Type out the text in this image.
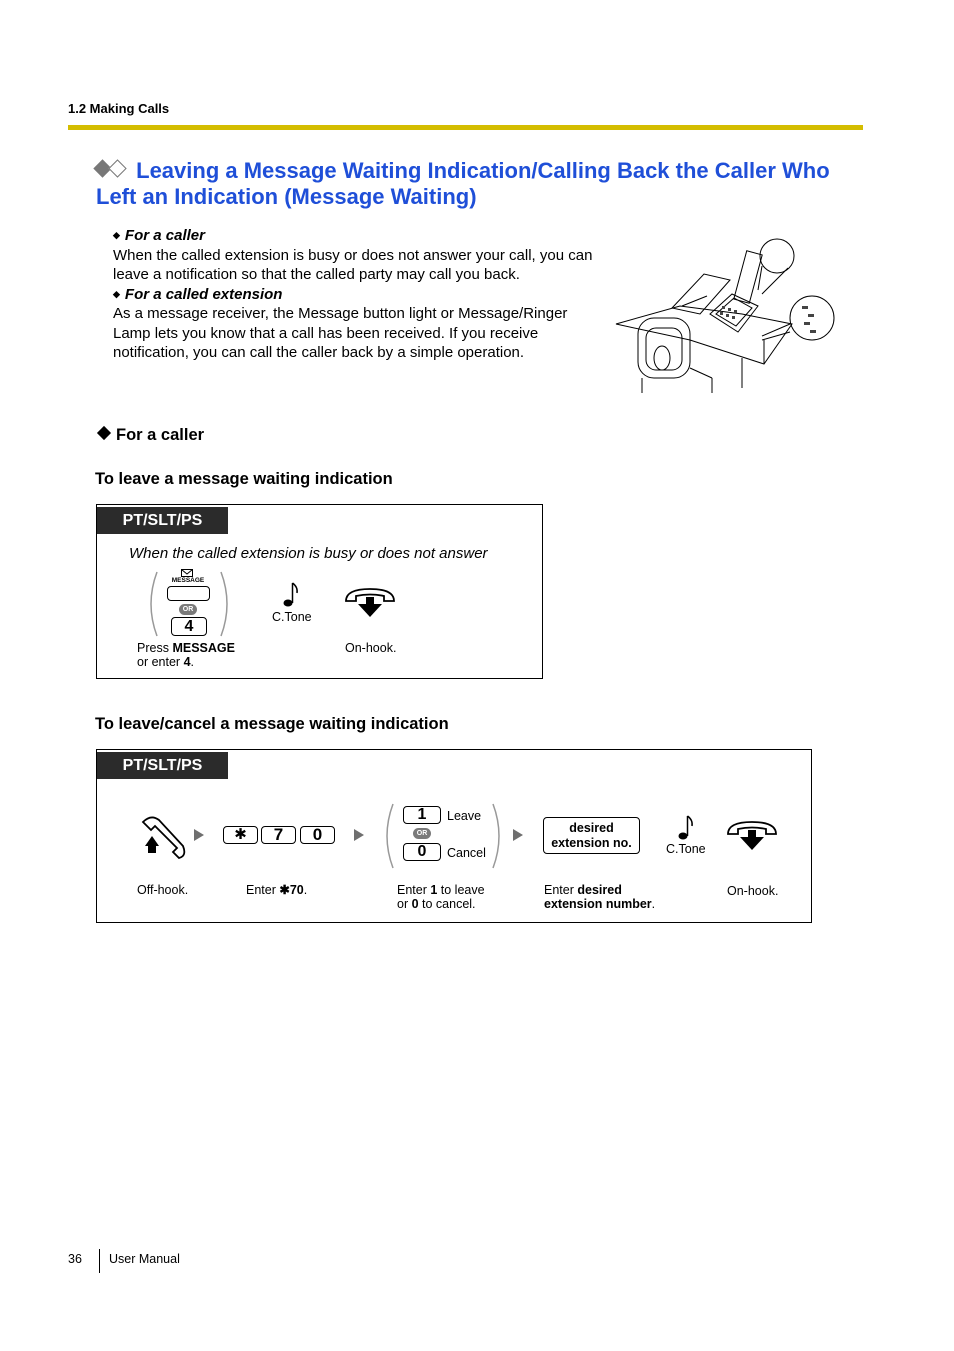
1.2 Making Calls
Leaving a Message Waiting Indication/Calling Back the Caller Who Left an Indication (Message Waiting)
◆ For a caller
When the called extension is busy or does not answer your call, you can leave a notification so that the called party may call you back.
◆ For a called extension
As a message receiver, the Message button light or Message/Ringer Lamp lets you know that a call has been received. If you receive notification, you can call the caller back by a simple operation.
For a caller
To leave a message waiting indication
PT/SLT/PS
When the called extension is busy or does not answer
MESSAGE
OR
4
C.Tone
On-hook.
Press MESSAGE
or enter 4.
To leave/cancel a message waiting indication
PT/SLT/PS
✱	7	0
1	Leave
OR
0	Cancel
desired
extension no.	C.Tone
Off-hook.	Enter ✱70.	Enter 1 to leave
or 0 to cancel.
Enter desired
extension number.
On-hook.
36 User Manual
